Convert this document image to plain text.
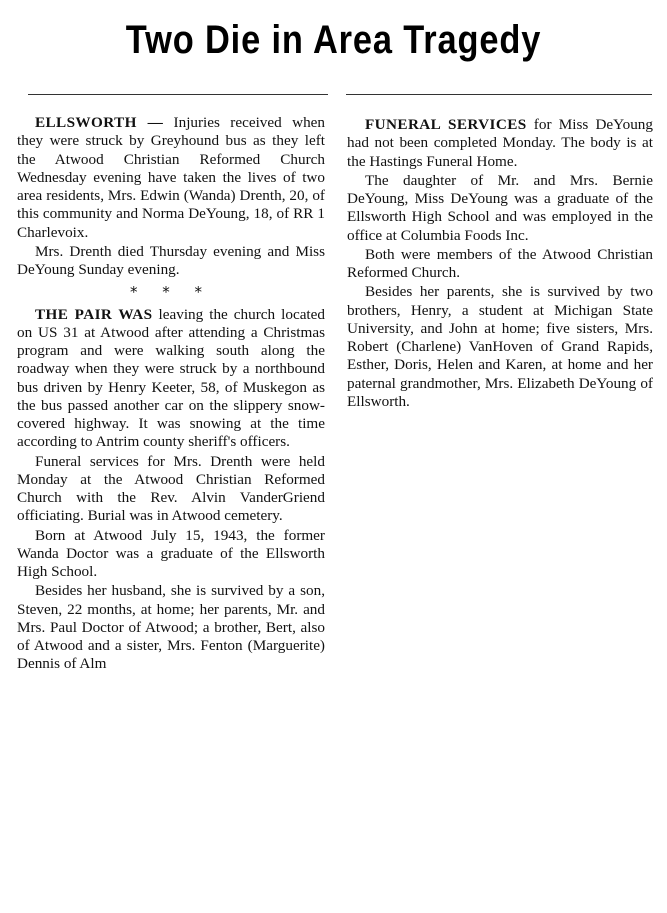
Two Die in Area Tragedy

ELLSWORTH — Injuries received when they were struck by Greyhound bus as they left the Atwood Christian Reformed Church Wednesday evening have taken the lives of two area residents, Mrs. Edwin (Wanda) Drenth, 20, of this community and Norma DeYoung, 18, of RR 1 Charlevoix.

Mrs. Drenth died Thursday evening and Miss DeYoung Sunday evening.

* * *

THE PAIR WAS leaving the church located on US 31 at Atwood after attending a Christmas program and were walking south along the roadway when they were struck by a northbound bus driven by Henry Keeter, 58, of Muskegon as the bus passed another car on the slippery snow-covered highway. It was snowing at the time according to Antrim county sheriff's officers.

Funeral services for Mrs. Drenth were held Monday at the Atwood Christian Reformed Church with the Rev. Alvin VanderGriend officiating. Burial was in Atwood cemetery.

Born at Atwood July 15, 1943, the former Wanda Doctor was a graduate of the Ellsworth High School.

Besides her husband, she is survived by a son, Steven, 22 months, at home; her parents, Mr. and Mrs. Paul Doctor of Atwood; a brother, Bert, also of Atwood and a sister, Mrs. Fenton (Marguerite) Dennis of Alm

FUNERAL SERVICES for Miss DeYoung had not been completed Monday. The body is at the Hastings Funeral Home.

The daughter of Mr. and Mrs. Bernie DeYoung, Miss DeYoung was a graduate of the Ellsworth High School and was employed in the office at Columbia Foods Inc.

Both were members of the Atwood Christian Reformed Church.

Besides her parents, she is survived by two brothers, Henry, a student at Michigan State University, and John at home; five sisters, Mrs. Robert (Charlene) VanHoven of Grand Rapids, Esther, Doris, Helen and Karen, at home and her paternal grandmother, Mrs. Elizabeth DeYoung of Ellsworth.
